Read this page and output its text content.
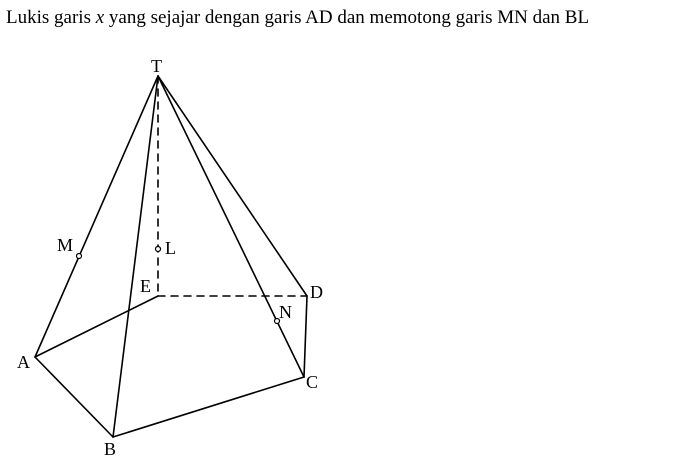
Lukis garis x yang sejajar dengan garis AD dan memotong garis MN dan BL
T
M	L
E	D
N
A
C
B
